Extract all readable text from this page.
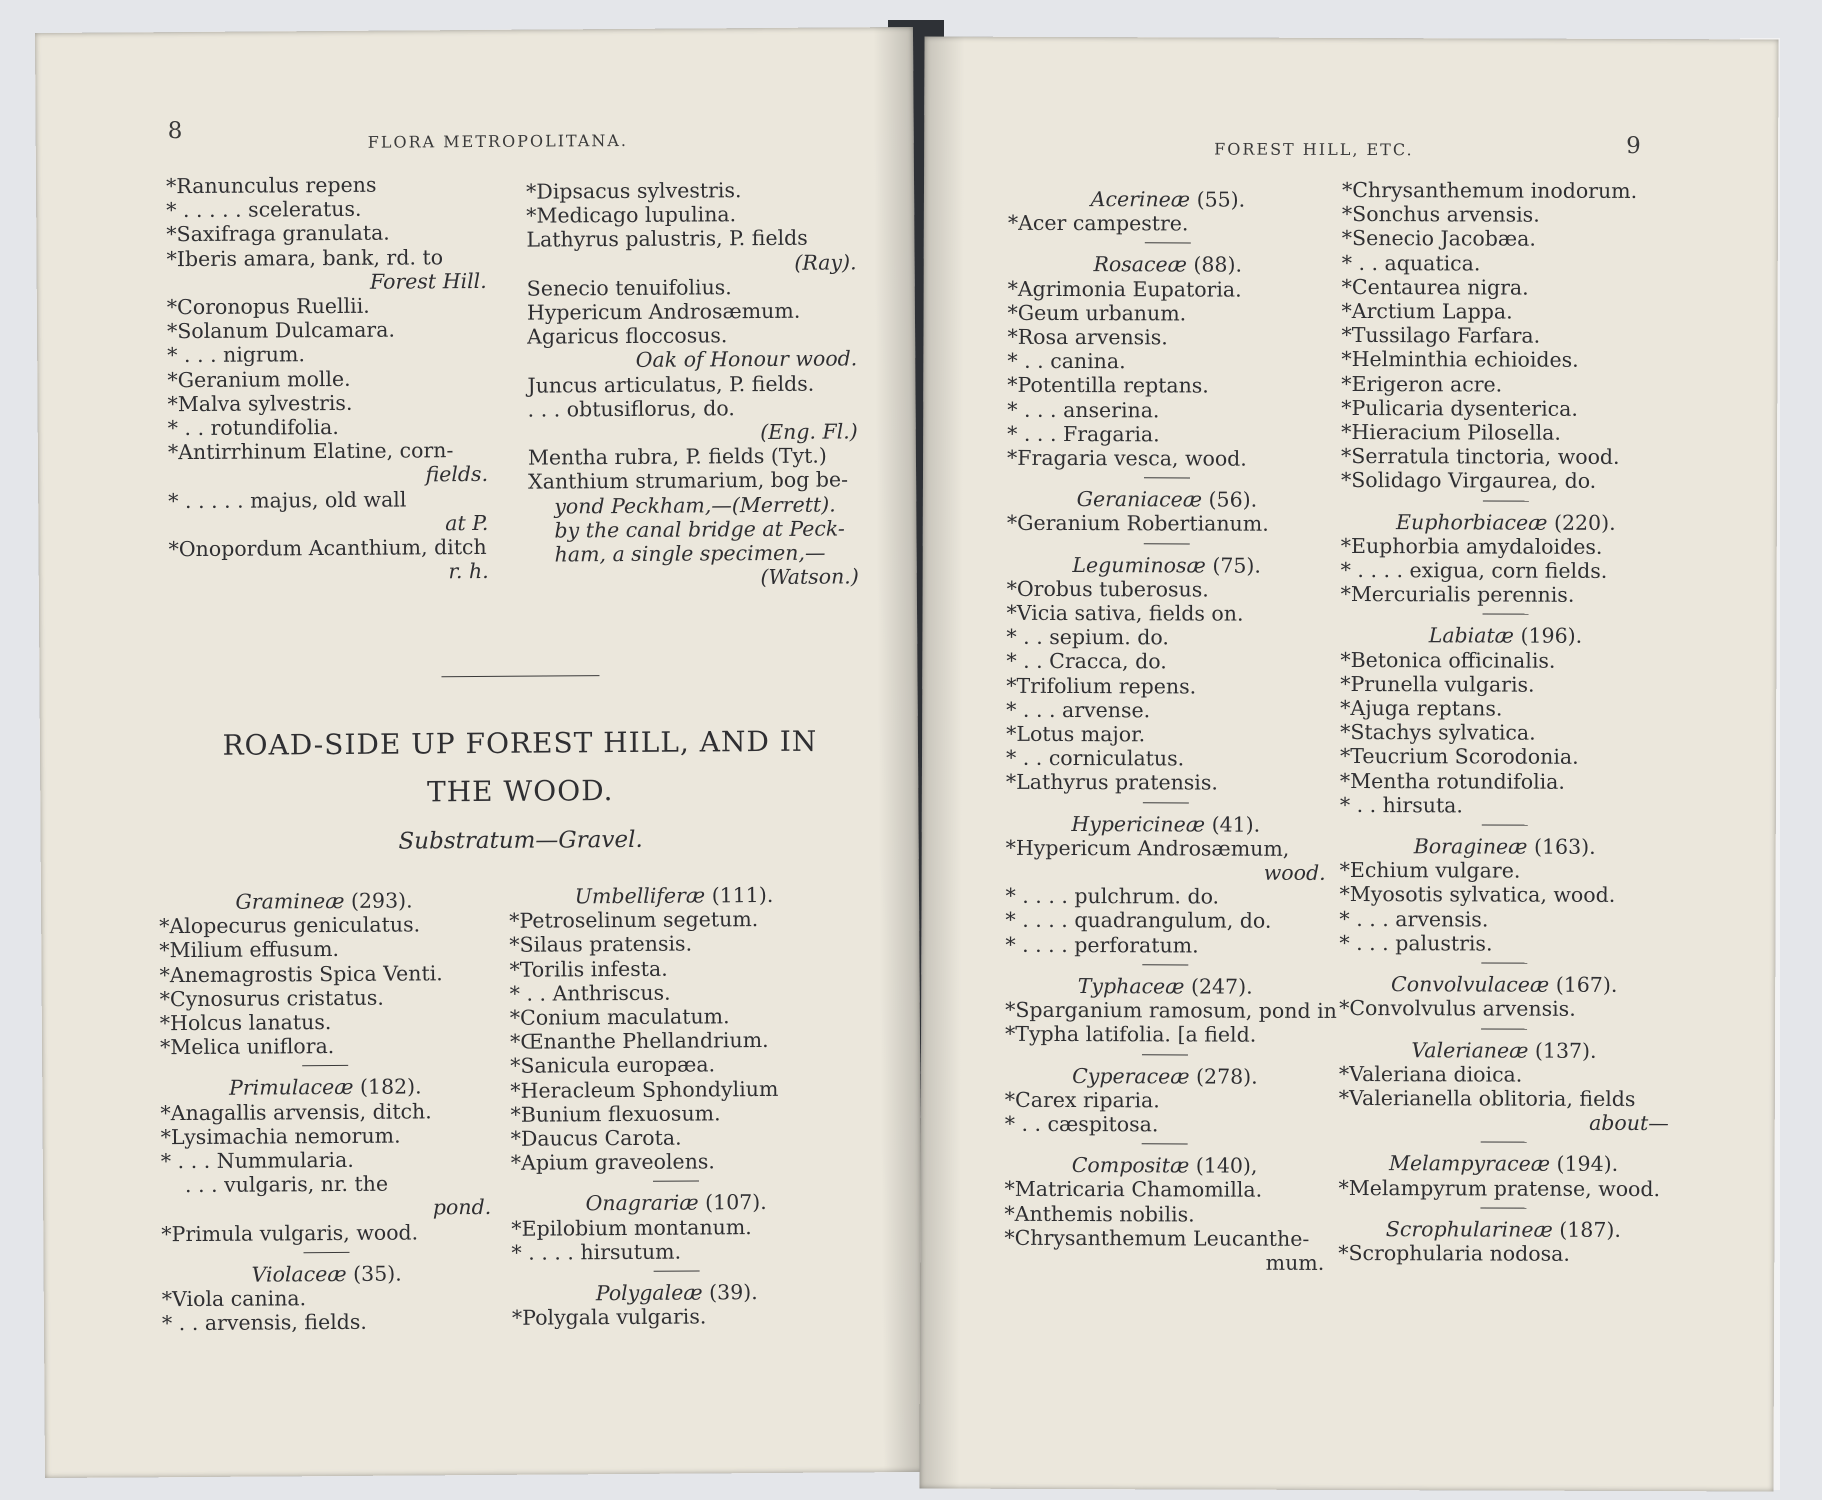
8	FLORA METROPOLITANA.
*Ranunculus repens
* . . . . . sceleratus.
*Saxifraga granulata.
*Iberis amara, bank, rd. to
Forest Hill.
*Coronopus Ruellii.
*Solanum Dulcamara.
* . . . nigrum.
*Geranium molle.
*Malva sylvestris.
* . . rotundifolia.
*Antirrhinum Elatine, corn-
fields.
* . . . . . majus, old wall
at P.
*Onopordum Acanthium, ditch
r. h.
*Dipsacus sylvestris.
*Medicago lupulina.
Lathyrus palustris, P. fields
(Ray).
Senecio tenuifolius.
Hypericum Androsæmum.
Agaricus floccosus.
Oak of Honour wood.
Juncus articulatus, P. fields.
. . . obtusiflorus, do.
(Eng. Fl.)
Mentha rubra, P. fields (Tyt.)
Xanthium strumarium, bog be-
yond Peckham,—(Merrett).
by the canal bridge at Peck-
ham, a single specimen,—
(Watson.)
ROAD-SIDE UP FOREST HILL, AND IN
THE WOOD.
Substratum—Gravel.
Gramineæ (293).
*Alopecurus geniculatus.
*Milium effusum.
*Anemagrostis Spica Venti.
*Cynosurus cristatus.
*Holcus lanatus.
*Melica uniflora.
Primulaceæ (182).
*Anagallis arvensis, ditch.
*Lysimachia nemorum.
* . . . Nummularia.
. . . vulgaris, nr. the
pond.
*Primula vulgaris, wood.
Violaceæ (35).
*Viola canina.
* . . arvensis, fields.
Umbelliferæ (111).
*Petroselinum segetum.
*Silaus pratensis.
*Torilis infesta.
* . . Anthriscus.
*Conium maculatum.
*Œnanthe Phellandrium.
*Sanicula europæa.
*Heracleum Sphondylium
*Bunium flexuosum.
*Daucus Carota.
*Apium graveolens.
Onagrariæ (107).
*Epilobium montanum.
* . . . . hirsutum.
Polygaleæ (39).
*Polygala vulgaris.
FOREST HILL, ETC.	9
Acerineæ (55).
*Acer campestre.
Rosaceæ (88).
*Agrimonia Eupatoria.
*Geum urbanum.
*Rosa arvensis.
* . . canina.
*Potentilla reptans.
* . . . anserina.
* . . . Fragaria.
*Fragaria vesca, wood.
Geraniaceæ (56).
*Geranium Robertianum.
Leguminosæ (75).
*Orobus tuberosus.
*Vicia sativa, fields on.
* . . sepium. do.
* . . Cracca, do.
*Trifolium repens.
* . . . arvense.
*Lotus major.
* . . corniculatus.
*Lathyrus pratensis.
Hypericineæ (41).
*Hypericum Androsæmum,
wood.
* . . . . pulchrum. do.
* . . . . quadrangulum, do.
* . . . . perforatum.
Typhaceæ (247).
*Sparganium ramosum, pond in
*Typha latifolia. [a field.
Cyperaceæ (278).
*Carex riparia.
* . . cæspitosa.
Compositæ (140),
*Matricaria Chamomilla.
*Anthemis nobilis.
*Chrysanthemum Leucanthe-
mum.
*Chrysanthemum inodorum.
*Sonchus arvensis.
*Senecio Jacobæa.
* . . aquatica.
*Centaurea nigra.
*Arctium Lappa.
*Tussilago Farfara.
*Helminthia echioides.
*Erigeron acre.
*Pulicaria dysenterica.
*Hieracium Pilosella.
*Serratula tinctoria, wood.
*Solidago Virgaurea, do.
Euphorbiaceæ (220).
*Euphorbia amydaloides.
* . . . . exigua, corn fields.
*Mercurialis perennis.
Labiatæ (196).
*Betonica officinalis.
*Prunella vulgaris.
*Ajuga reptans.
*Stachys sylvatica.
*Teucrium Scorodonia.
*Mentha rotundifolia.
* . . hirsuta.
Boragineæ (163).
*Echium vulgare.
*Myosotis sylvatica, wood.
* . . . arvensis.
* . . . palustris.
Convolvulaceæ (167).
*Convolvulus arvensis.
Valerianeæ (137).
*Valeriana dioica.
*Valerianella oblitoria, fields
about—
Melampyraceæ (194).
*Melampyrum pratense, wood.
Scrophularineæ (187).
*Scrophularia nodosa.
